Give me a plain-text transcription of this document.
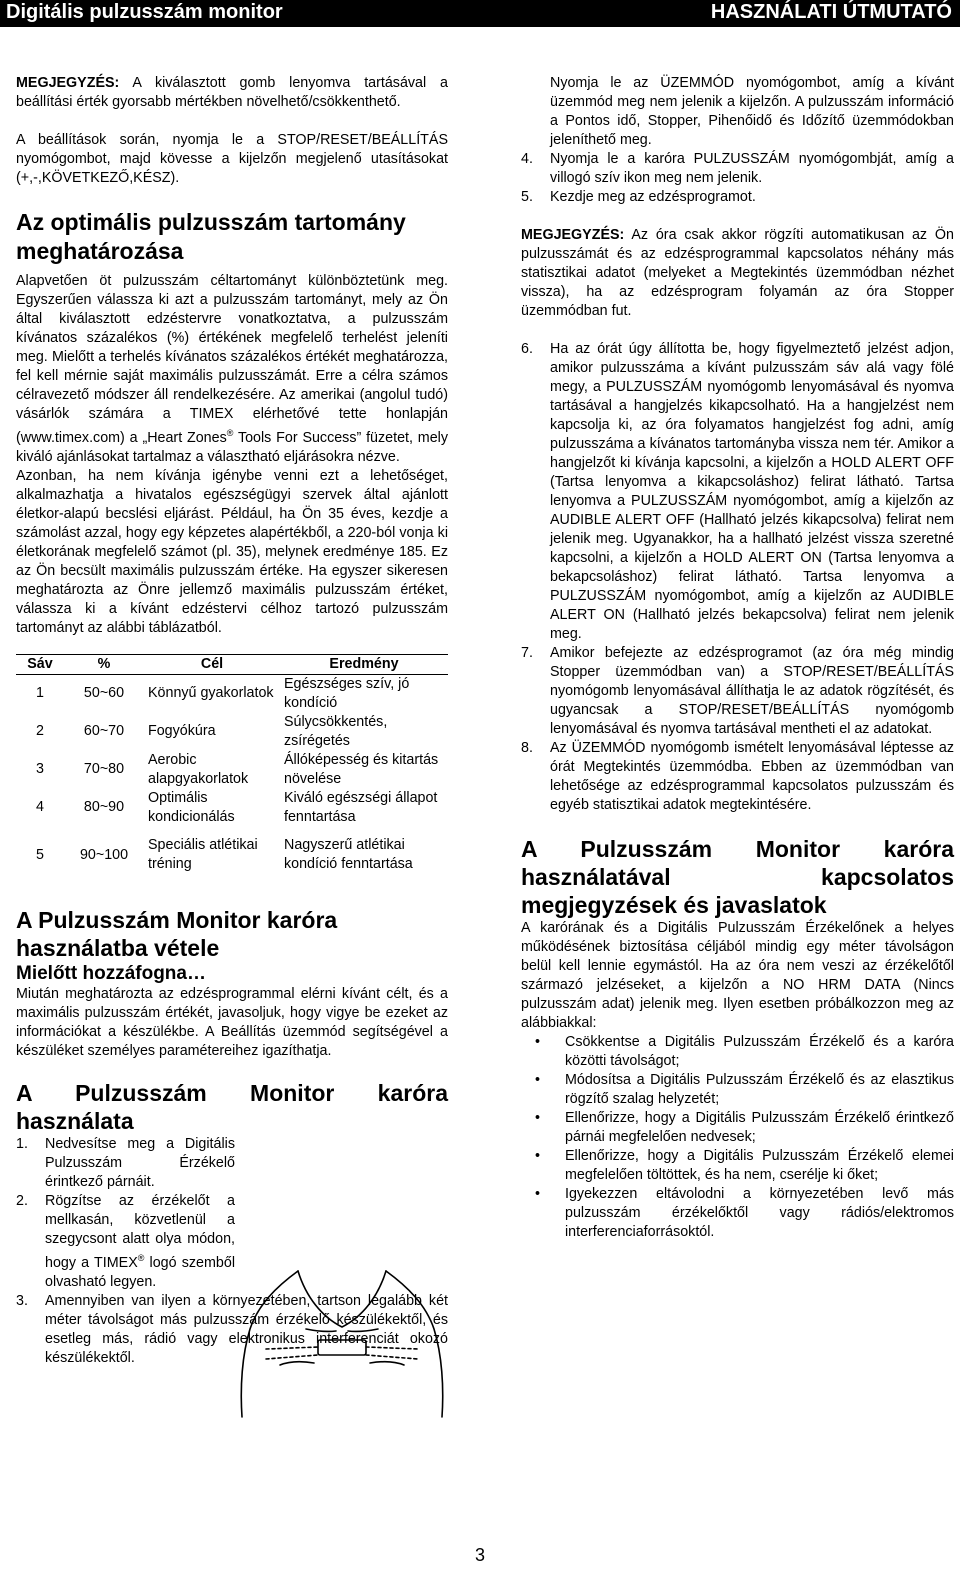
Digitális pulzusszám monitor	HASZNÁLATI ÚTMUTATÓ

MEGJEGYZÉS: A kiválasztott gomb lenyomva tartásával a beállítási érték gyorsabb mértékben növelhető/csökkenthető.

A beállítások során, nyomja le a STOP/RESET/BEÁLLÍTÁS nyomógombot, majd kövesse a kijelzőn megjelenő utasításokat (+,-,KÖVETKEZŐ,KÉSZ).

Az optimális pulzusszám tartomány meghatározása

Alapvetően öt pulzusszám céltartományt különböztetünk meg. Egyszerűen válassza ki azt a pulzusszám tartományt, mely az Ön által kiválasztott edzéstervre vonatkoztatva, a pulzusszám kívánatos százalékos (%) értékének megfelelő terhelést jeleníti meg. Mielőtt a terhelés kívánatos százalékos értékét meghatározza, fel kell mérnie saját maximális pulzusszámát. Erre a célra számos célravezető módszer áll rendelkezésére. Az amerikai (angolul tudó) vásárlók számára a TIMEX elérhetővé tette honlapján (www.timex.com) a „Heart Zones® Tools For Success” füzetet, mely kiváló ajánlásokat tartalmaz a választható eljárásokra nézve.

Azonban, ha nem kívánja igénybe venni ezt a lehetőséget, alkalmazhatja a hivatalos egészségügyi szervek által ajánlott életkor-alapú becslési eljárást. Például, ha Ön 35 éves, kezdje a számolást azzal, hogy egy képzetes alapértékből, a 220-ból vonja ki életkorának megfelelő számot (pl. 35), melynek eredménye 185. Ez az Ön becsült maximális pulzusszám értéke. Ha egyszer sikeresen meghatározta az Önre jellemző maximális pulzusszám értéket, válassza ki a kívánt edzéstervi célhoz tartozó pulzusszám tartományt az alábbi táblázatból.

Sáv	%	Cél	Eredmény
1	50~60	Könnyű gyakorlatok	Egészséges szív, jó kondíció
2	60~70	Fogyókúra	Súlycsökkentés, zsírégetés
3	70~80	Aerobic alapgyakorlatok	Állóképesség és kitartás növelése
4	80~90	Optimális kondicionálás	Kiváló egészségi állapot fenntartása
5	90~100	Speciális atlétikai tréning	Nagyszerű atlétikai kondíció fenntartása
A Pulzusszám Monitor karóra használatba vétele
Mielőtt hozzáfogna…

Miután meghatározta az edzésprogrammal elérni kívánt célt, és a maximális pulzusszám értékét, javasoljuk, hogy vigye be ezeket az információkat a készülékbe. A Beállítás üzemmód segítségével a készüléket személyes paramétereihez igazíthatja.

A Pulzusszám Monitor karóra
használata
1. Nedvesítse meg a Digitális Pulzusszám Érzékelő érintkező párnáit.
2. Rögzítse az érzékelőt a mellkasán, közvetlenül a szegycsont alatt olya módon, hogy a TIMEX® logó szemből olvasható legyen.
3. Amennyiben van ilyen a környezetében, tartson legalább két méter távolságot más pulzusszám érzékelő készülékektől, és esetleg más, rádió vagy elektronikus interferenciát okozó készülékektől.
Nyomja le az ÜZEMMÓD nyomógombot, amíg a kívánt üzemmód meg nem jelenik a kijelzőn. A pulzusszám információ a Pontos idő, Stopper, Pihenőidő és Időzítő üzemmódokban jeleníthető meg.
4. Nyomja le a karóra PULZUSSZÁM nyomógombját, amíg a villogó szív ikon meg nem jelenik.
5. Kezdje meg az edzésprogramot.

MEGJEGYZÉS: Az óra csak akkor rögzíti automatikusan az Ön pulzusszámát és az edzésprogrammal kapcsolatos néhány más statisztikai adatot (melyeket a Megtekintés üzemmódban nézhet vissza), ha az edzésprogram folyamán az óra Stopper üzemmódban fut.

6. Ha az órát úgy állította be, hogy figyelmeztető jelzést adjon, amikor pulzusszáma a kívánt pulzusszám sáv alá vagy fölé megy, a PULZUSSZÁM nyomógomb lenyomásával és nyomva tartásával a hangjelzés kikapcsolható. Ha a hangjelzést nem kapcsolja ki, az óra folyamatos hangjelzést fog adni, amíg pulzusszáma a kívánatos tartományba vissza nem tér. Amikor a hangjelzőt ki kívánja kapcsolni, a kijelzőn a HOLD ALERT OFF (Tartsa lenyomva a kikapcsoláshoz) felirat látható. Tartsa lenyomva a PULZUSSZÁM nyomógombot, amíg a kijelzőn az AUDIBLE ALERT OFF (Hallható jelzés kikapcsolva) felirat nem jelenik meg. Ugyanakkor, ha a hallható jelzést vissza szeretné kapcsolni, a kijelzőn a HOLD ALERT ON (Tartsa lenyomva a bekapcsoláshoz) felirat látható. Tartsa lenyomva a PULZUSSZÁM nyomógombot, amíg a kijelzőn az AUDIBLE ALERT ON (Hallható jelzés bekapcsolva) felirat nem jelenik meg.
7. Amikor befejezte az edzésprogramot (az óra még mindig Stopper üzemmódban van) a STOP/RESET/BEÁLLÍTÁS nyomógomb lenyomásával állíthatja le az adatok rögzítését, és ugyancsak a STOP/RESET/BEÁLLÍTÁS nyomógomb lenyomásával és nyomva tartásával mentheti el az adatokat.
8. Az ÜZEMMÓD nyomógomb ismételt lenyomásával léptesse az órát Megtekintés üzemmódba. Ebben az üzemmódban van lehetősége az edzésprogrammal kapcsolatos pulzusszám és egyéb statisztikai adatok megtekintésére.
A Pulzusszám Monitor karóra
használatával kapcsolatos
megjegyzések és javaslatok

A karórának és a Digitális Pulzusszám Érzékelőnek a helyes működésének biztosítása céljából mindig egy méter távolságon belül kell lennie egymástól. Ha az óra nem veszi az érzékelőtől származó jelzéseket, a kijelzőn a NO HRM DATA (Nincs pulzusszám adat) jelenik meg. Ilyen esetben próbálkozzon meg az alábbiakkal:

• Csökkentse a Digitális Pulzusszám Érzékelő és a karóra közötti távolságot;
• Módosítsa a Digitális Pulzusszám Érzékelő és az elasztikus rögzítő szalag helyzetét;
• Ellenőrizze, hogy a Digitális Pulzusszám Érzékelő érintkező párnái megfelelően nedvesek;
• Ellenőrizze, hogy a Digitális Pulzusszám Érzékelő elemei megfelelően töltöttek, és ha nem, cserélje ki őket;
• Igyekezzen eltávolodni a környezetében levő más pulzusszám érzékelőktől vagy rádiós/elektromos interferenciaforrásoktól.
3
